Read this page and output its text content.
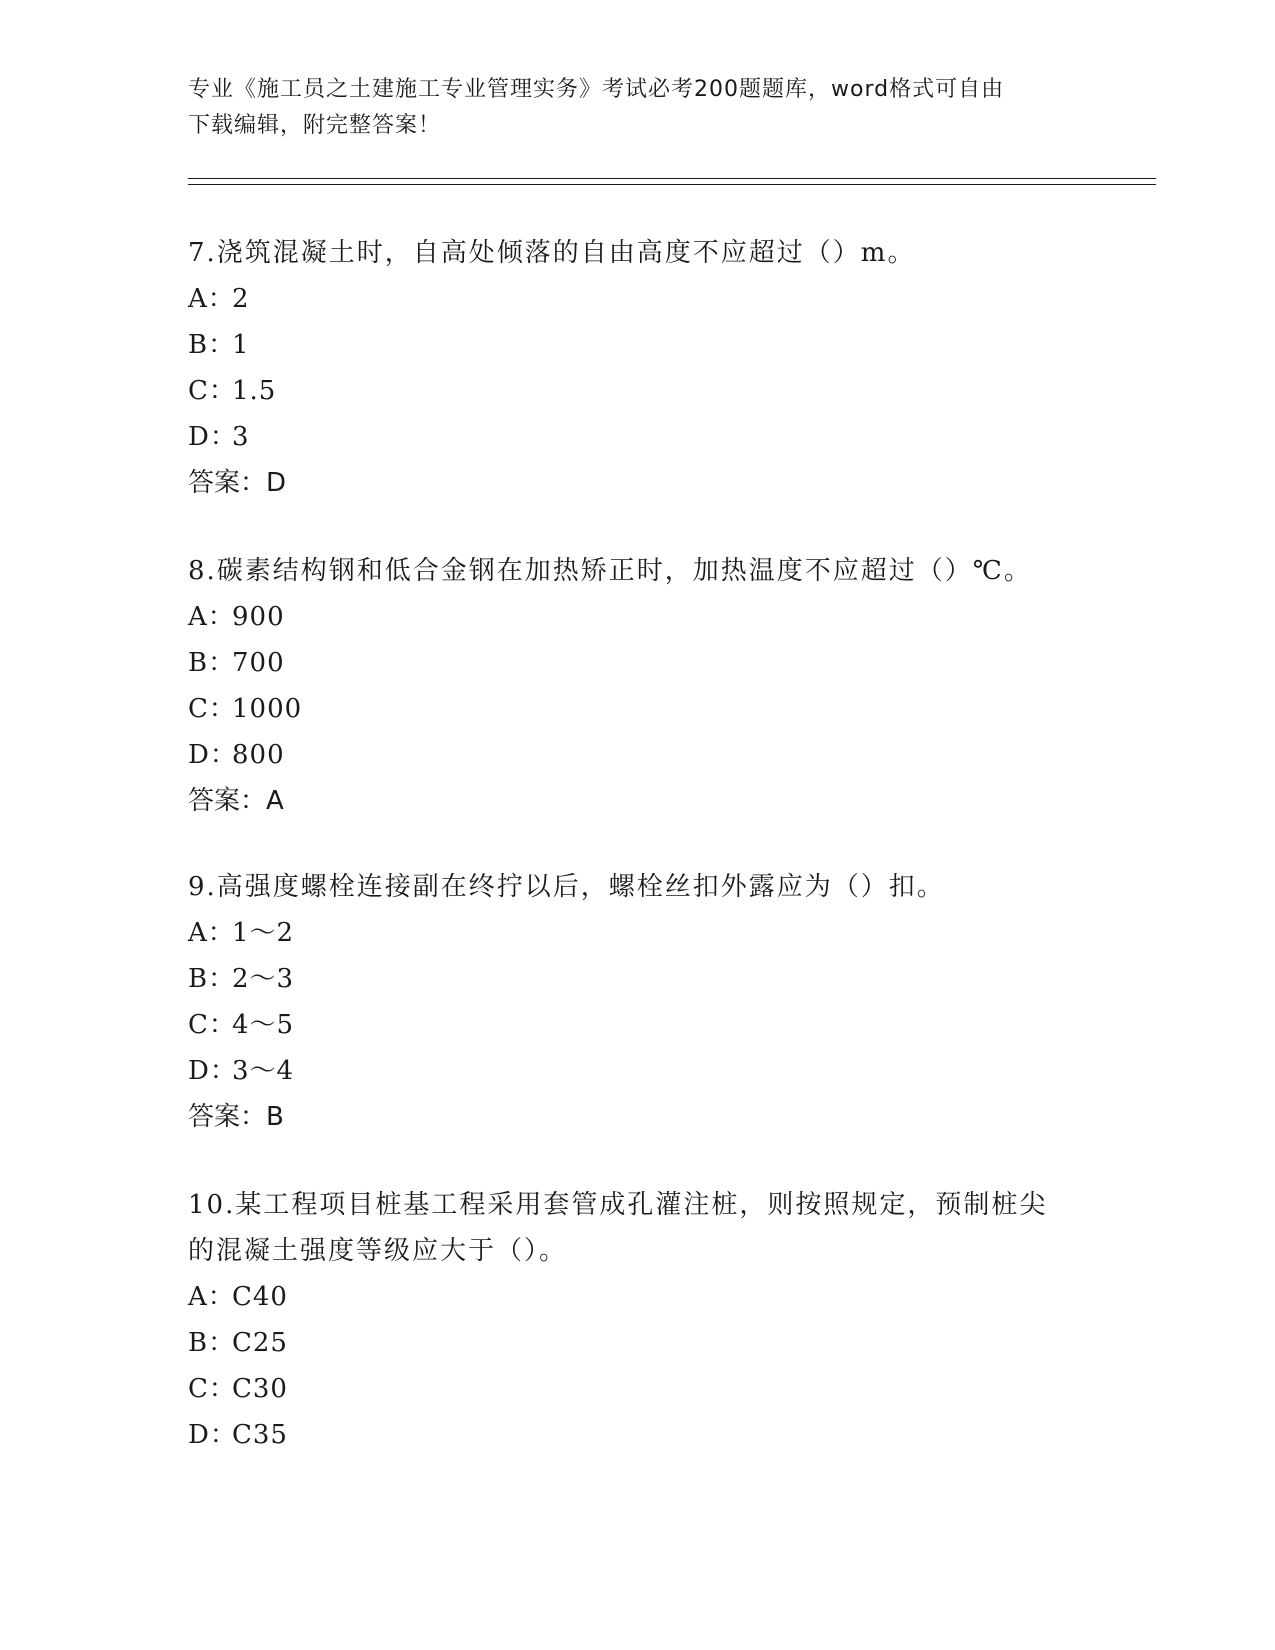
专业《施工员之土建施工专业管理实务》考试必考200题题库，word格式可自由
下载编辑，附完整答案！

7.浇筑混凝土时，自高处倾落的自由高度不应超过（）m。

A：2

B：1

C：1.5

D：3

答案：D

8.碳素结构钢和低合金钢在加热矫正时，加热温度不应超过（）℃。

A：900

B：700

C：1000

D：800

答案：A

9.高强度螺栓连接副在终拧以后，螺栓丝扣外露应为（）扣。

A：1～2

B：2～3

C：4～5

D：3～4

答案：B

10.某工程项目桩基工程采用套管成孔灌注桩，则按照规定，预制桩尖

的混凝土强度等级应大于（）。

A：C40

B：C25

C：C30

D：C35
